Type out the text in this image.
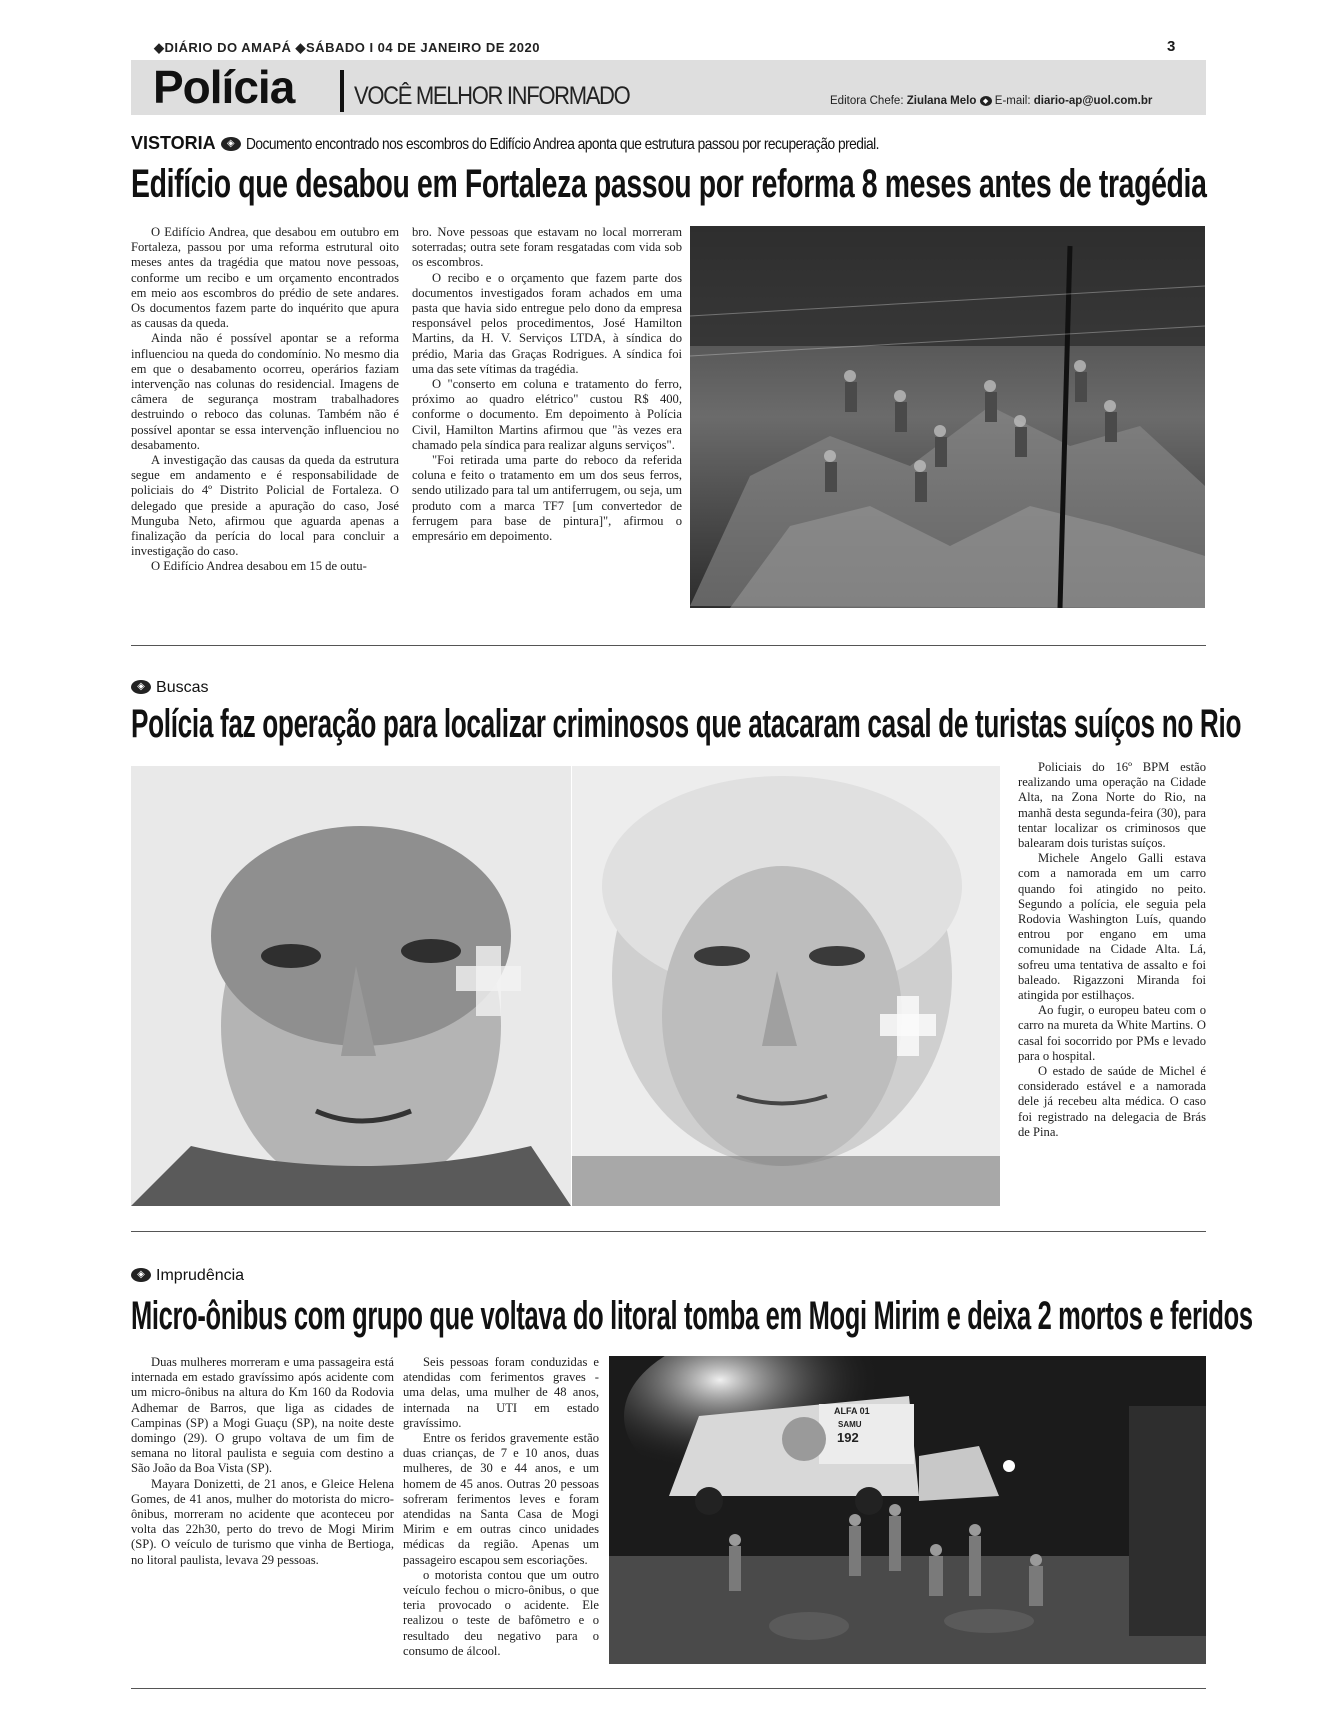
◆DIÁRIO DO AMAPÁ ◆SÁBADO I 04 DE JANEIRO DE 2020	3
Polícia VOCÊ MELHOR INFORMADO	Editora Chefe: Ziulana Melo ◆ E-mail: diario-ap@uol.com.br
VISTORIA ◈ Documento encontrado nos escombros do Edifício Andrea aponta que estrutura passou por recuperação predial.
Edifício que desabou em Fortaleza passou por reforma 8 meses antes de tragédia

O Edifício Andrea, que desabou em outubro em Fortaleza, passou por uma reforma estrutural oito meses antes da tragédia que matou nove pessoas, conforme um recibo e um orçamento encontrados em meio aos escombros do prédio de sete andares. Os documentos fazem parte do inquérito que apura as causas da queda.

Ainda não é possível apontar se a reforma influenciou na queda do condomínio. No mesmo dia em que o desabamento ocorreu, operários faziam intervenção nas colunas do residencial. Imagens de câmera de segurança mostram trabalhadores destruindo o reboco das colunas. Também não é possível apontar se essa intervenção influenciou no desabamento.

A investigação das causas da queda da estrutura segue em andamento e é responsabilidade de policiais do 4º Distrito Policial de Fortaleza. O delegado que preside a apuração do caso, José Munguba Neto, afirmou que aguarda apenas a finalização da perícia do local para concluir a investigação do caso.

O Edifício Andrea desabou em 15 de outu-

bro. Nove pessoas que estavam no local morreram soterradas; outra sete foram resgatadas com vida sob os escombros.

O recibo e o orçamento que fazem parte dos documentos investigados foram achados em uma pasta que havia sido entregue pelo dono da empresa responsável pelos procedimentos, José Hamilton Martins, da H. V. Serviços LTDA, à síndica do prédio, Maria das Graças Rodrigues. A síndica foi uma das sete vítimas da tragédia.

O "conserto em coluna e tratamento do ferro, próximo ao quadro elétrico" custou R$ 400, conforme o documento. Em depoimento à Polícia Civil, Hamilton Martins afirmou que "às vezes era chamado pela síndica para realizar alguns serviços".

"Foi retirada uma parte do reboco da referida coluna e feito o tratamento em um dos seus ferros, sendo utilizado para tal um antiferrugem, ou seja, um produto com a marca TF7 [um convertedor de ferrugem para base de pintura]", afirmou o empresário em depoimento.

◈ Buscas
Polícia faz operação para localizar criminosos que atacaram casal de turistas suíços no Rio

Policiais do 16º BPM estão realizando uma operação na Cidade Alta, na Zona Norte do Rio, na manhã desta segunda-feira (30), para tentar localizar os criminosos que balearam dois turistas suíços.

Michele Angelo Galli estava com a namorada em um carro quando foi atingido no peito. Segundo a polícia, ele seguia pela Rodovia Washington Luís, quando entrou por engano em uma comunidade na Cidade Alta. Lá, sofreu uma tentativa de assalto e foi baleado. Rigazzoni Miranda foi atingida por estilhaços.

Ao fugir, o europeu bateu com o carro na mureta da White Martins. O casal foi socorrido por PMs e levado para o hospital.

O estado de saúde de Michel é considerado estável e a namorada dele já recebeu alta médica. O caso foi registrado na delegacia de Brás de Pina.

◈ Imprudência
Micro-ônibus com grupo que voltava do litoral tomba em Mogi Mirim e deixa 2 mortos e feridos

Duas mulheres morreram e uma passageira está internada em estado gravíssimo após acidente com um micro-ônibus na altura do Km 160 da Rodovia Adhemar de Barros, que liga as cidades de Campinas (SP) a Mogi Guaçu (SP), na noite deste domingo (29). O grupo voltava de um fim de semana no litoral paulista e seguia com destino a São João da Boa Vista (SP).

Mayara Donizetti, de 21 anos, e Gleice Helena Gomes, de 41 anos, mulher do motorista do micro-ônibus, morreram no acidente que aconteceu por volta das 22h30, perto do trevo de Mogi Mirim (SP). O veículo de turismo que vinha de Bertioga, no litoral paulista, levava 29 pessoas.

Seis pessoas foram conduzidas e atendidas com ferimentos graves - uma delas, uma mulher de 48 anos, internada na UTI em estado gravíssimo.

Entre os feridos gravemente estão duas crianças, de 7 e 10 anos, duas mulheres, de 30 e 44 anos, e um homem de 45 anos. Outras 20 pessoas sofreram ferimentos leves e foram atendidas na Santa Casa de Mogi Mirim e em outras cinco unidades médicas da região. Apenas um passageiro escapou sem escoriações.

o motorista contou que um outro veículo fechou o micro-ônibus, o que teria provocado o acidente. Ele realizou o teste de bafômetro e o resultado deu negativo para o consumo de álcool.

ALFA 01
SAMU
192
